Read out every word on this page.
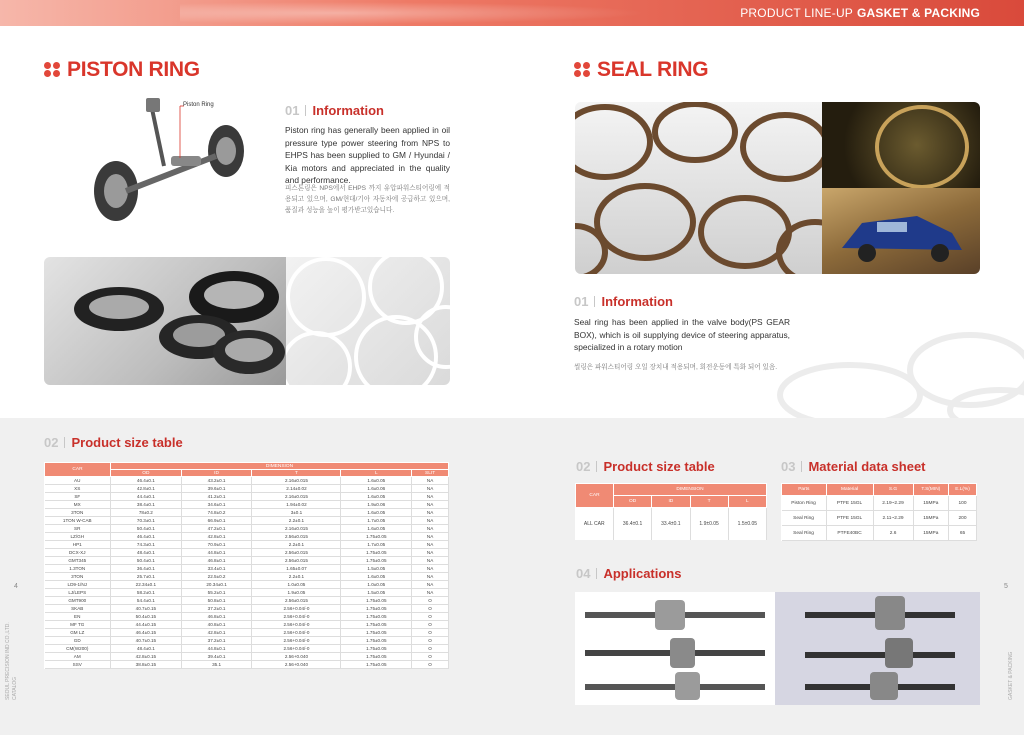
PRODUCT LINE-UP GASKET & PACKING
PISTON RING
Piston Ring	01 Information
Piston ring has generally been applied in oil pressure type power steering from NPS to EHPS has been supplied to GM / Hyundai / Kia motors and appreciated in the quality and performance.
피스톤링은 NPS에서 EHPS 까지 유압파워스티어링에 적용되고 있으며, GM/현대/기아 자동차에 공급하고 있으며, 품질과 성능을 높이 평가받고있습니다.
SEAL RING
01 Information
Seal ring has been applied in the valve body(PS GEAR BOX), which is oil supplying device of steering apparatus, specialized in a rotary motion
씰링은 파워스티어링 오일 장치내 적용되며, 회전운동에 특화 되어 있음.
02 Product size table
CAR	DIMENSION				
	OD	ID	T	L	SLIT
AU	46.4±0.1	43.2±0.1	2.16±0.015	1.6±0.05	NA
XS	42.8±0.1	39.6±0.1	2.14±0.02	1.6±0.06	NA
SF	44.4±0.1	41.2±0.1	2.16±0.015	1.6±0.05	NA
MX	38.4±0.1	34.6±0.1	1.94±0.02	1.9±0.06	NA
3TON	78±0.2	74.8±0.2	3±0.1	1.6±0.05	NA
1TON W-CAB	70.3±0.1	66.9±0.1	2.2±0.1	1.7±0.05	NA
SR	50.4±0.1	47.2±0.1	2.16±0.015	1.6±0.05	NA
LZ/GH	46.4±0.1	42.8±0.1	2.56±0.015	1.75±0.05	NA
HP1	74.3±0.1	70.9±0.1	2.2±0.1	1.7±0.05	NA
DCX-XJ	48.4±0.1	44.8±0.1	2.56±0.015	1.75±0.05	NA
GMT345	50.4±0.1	46.8±0.1	2.56±0.015	1.75±0.05	NA
1.3TON	36.4±0.1	33.4±0.1	1.65±0.07	1.5±0.05	NA
3TON	25.7±0.1	22.5±0.2	2.2±0.1	1.6±0.05	NA
LD9-1/NJ	22.34±0.1	20.34±0.1	1.0±0.05	1.0±0.05	NA
LJ/LEPS	58.2±0.1	55.2±0.1	1.9±0.05	1.5±0.05	NA
GMT900	54.4±0.1	50.8±0.1	2.56±0.015	1.75±0.05	O
SKAB	40.7±0.15	37.2±0.1	2.56+0.04/-0	1.75±0.05	O
EN	50.4±0.15	46.8±0.1	2.56+0.04/-0	1.75±0.05	O
MF TG	44.4±0.15	40.8±0.1	2.56+0.04/-0	1.75±0.05	O
GM LZ	46.4±0.15	42.8±0.1	2.56+0.04/-0	1.75±0.05	O
GD	40.7±0.15	37.2±0.1	2.56+0.04/-0	1.75±0.05	O
CM(W200)	48.4±0.1	44.8±0.1	2.56+0.04/-0	1.75±0.05	O
AM	42.8±0.15	39.4±0.1	2.56+0.040	1.75±0.05	O
SSV	38.8±0.15	35.1	2.56+0.040	1.75±0.05	O
02 Product size table
CAR	DIMENSION			
	OD	ID	T	L
ALL CAR	36.4±0.1	33.4±0.1	1.9±0.05	1.5±0.05
03 Material data sheet
Parts	Material	S.G	T.S(MIN)	E.L(%)
Piston Ring	PTFE 15GL	2.19~2.29	15MPa	100
Seal Ring	PTFE 15GL	2.11~2.29	15MPa	200
Seal Ring	PTFE40BC	2.6	15MPa	65
04 Applications
4	5
SEOUL PRECISION IND CO.,LTD. CATALOG	GASKET & PACKING
